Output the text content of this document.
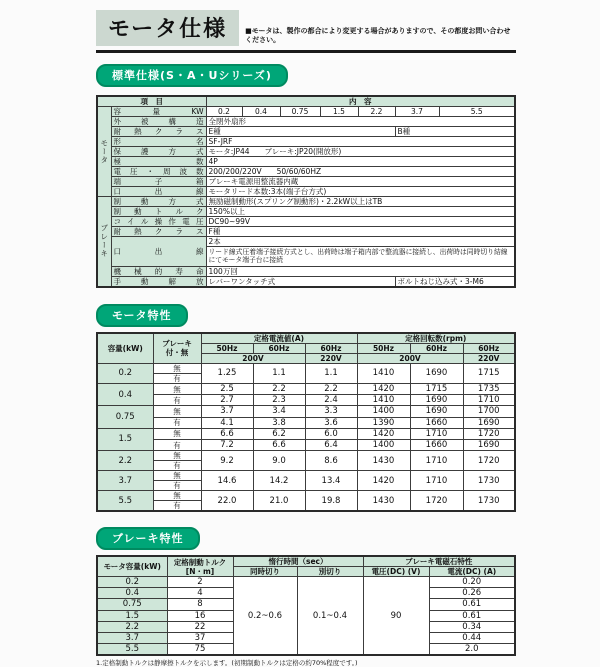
モータ仕様	■モータは、製作の都合により変更する場合がありますので、その都度お問い合わせください。
標準仕様(S・A・Uシリーズ)
項　目		内　容						
モータ	容量KW	0.2	0.4	0.75	1.5	2.2	3.7	5.5
	外被構造	全閉外扇形						
	耐熱クラス	E種					B種	
	形名	SF-JRF						
	保護方式	モータ:JP44　　ブレーキ:JP20(開放形)						
	極数	4P						
	電圧・周波数	200/200/220V　　50/60/60HZ						
	端子箱	ブレーキ電源用整流器内蔵						
	口出線	モータリード本数:3本(端子台方式)						
ブレーキ	制動方式	無励磁制動形(スプリング制動形)・2.2kW以上はTB						
	制動トルク	150%以上						
	コイル操作電圧	DC90~99V						
	耐熱クラス	F種						
	口出線	2本						
		リード線式圧着端子接続方式とし、出荷時は端子箱内部で整流器に接続し、出荷時は同時切り結線にてモータ端子台に接続						
	機械的寿命	100万回						
	手動解放	レバーワンタッチ式					ボルトねじ込み式・3-M6	
モータ特性
容量(kW)	ブレーキ 付・無	定格電流値(A)			定格回転数(rpm)		
		50Hz	60Hz	60Hz	50Hz	60Hz	60Hz
		200V		220V	200V		220V
0.2	無	1.25	1.1	1.1	1410	1690	1715
	有						
0.4	無	2.5	2.2	2.2	1420	1715	1735
	有	2.7	2.3	2.4	1410	1690	1710
0.75	無	3.7	3.4	3.3	1400	1690	1700
	有	4.1	3.8	3.6	1390	1660	1690
1.5	無	6.6	6.2	6.0	1420	1710	1720
	有	7.2	6.6	6.4	1400	1660	1690
2.2	無	9.2	9.0	8.6	1430	1710	1720
	有						
3.7	無	14.6	14.2	13.4	1420	1710	1730
	有						
5.5	無	22.0	21.0	19.8	1430	1720	1730
	有						
ブレーキ特性
モータ容量(kW)	定格制動トルク [N・m]	惰行時間（sec）		ブレーキ電磁石特性	
		同時切り	別切り	電圧(DC) (V)	電流(DC) (A)
0.2	2	0.2~0.6	0.1~0.4	90	0.20
0.4	4				0.26
0.75	8				0.61
1.5	16				0.61
2.2	22				0.34
3.7	37				0.44
5.5	75				2.0
1.定格制動トルクは静摩擦トルクを示します。(初期制動トルクは定格の約70%程度です。)
